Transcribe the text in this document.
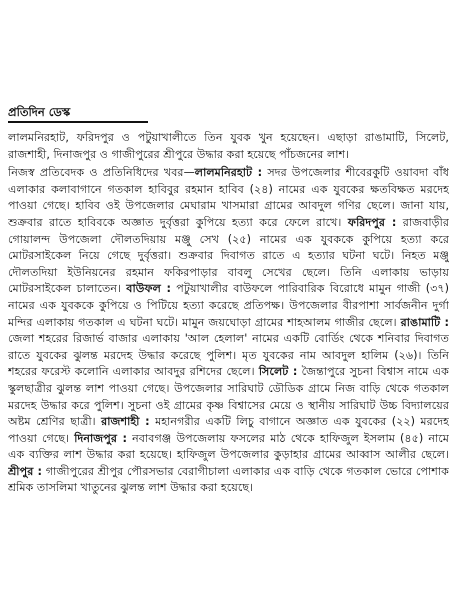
প্রতিদিন ডেস্ক

লালমনিরহাট, ফরিদপুর ও পটুয়াখালীতে তিন যুবক খুন হয়েছেন। এছাড়া রাঙামাটি, সিলেট, রাজশাহী, দিনাজপুর ও গাজীপুরের শ্রীপুরে উদ্ধার করা হয়েছে পাঁচজনের লাশ।

নিজস্ব প্রতিবেদক ও প্রতিনিধিদের খবর—লালমনিরহাট : সদর উপজেলার শীবেরকুটি ওয়াবদা বাঁধ এলাকার কলাবাগানে গতকাল হাবিবুর রহমান হাবিব (২৪) নামের এক যুবকের ক্ষতবিক্ষত মরদেহ পাওয়া গেছে। হাবিব ওই উপজেলার মেঘারাম খাসমারা গ্রামের আবদুল গণির ছেলে। জানা যায়, শুক্রবার রাতে হাবিবকে অজ্ঞাত দুর্বৃত্তরা কুপিয়ে হত্যা করে ফেলে রাখে। ফরিদপুর : রাজবাড়ীর গোয়ালন্দ উপজেলা দৌলতদিয়ায় মঞ্জু সেখ (২৫) নামের এক যুবককে কুপিয়ে হত্যা করে মোটরসাইকেল নিয়ে গেছে দুর্বৃত্তরা। শুক্রবার দিবাগত রাতে এ হত্যার ঘটনা ঘটে। নিহত মঞ্জু দৌলতদিয়া ইউনিয়নের রহমান ফকিরপাড়ার বাবলু সেখের ছেলে। তিনি এলাকায় ভাড়ায় মোটরসাইকেল চালাতেন। বাউফল : পটুয়াখালীর বাউফলে পারিবারিক বিরোধে মামুন গাজী (৩৭) নামের এক যুবককে কুপিয়ে ও পিটিয়ে হত্যা করেছে প্রতিপক্ষ। উপজেলার বীরপাশা সার্বজনীন দুর্গা মন্দির এলাকায় গতকাল এ ঘটনা ঘটে। মামুন জয়ঘোড়া গ্রামের শাহআলম গাজীর ছেলে। রাঙামাটি : জেলা শহরের রিজার্ভ বাজার এলাকায় 'আল হেলাল' নামের একটি বোর্ডিং থেকে শনিবার দিবাগত রাতে যুবকের ঝুলন্ত মরদেহ উদ্ধার করেছে পুলিশ। মৃত যুবকের নাম আবদুল হালিম (২৬)। তিনি শহরের ফরেস্ট কলোনি এলাকার আবদুর রশিদের ছেলে। সিলেট : জৈন্তাপুরে সুচনা বিশ্বাস নামে এক স্কুলছাত্রীর ঝুলন্ত লাশ পাওয়া গেছে। উপজেলার সারিঘাট ডৌডিক গ্রামে নিজ বাড়ি থেকে গতকাল মরদেহ উদ্ধার করে পুলিশ। সুচনা ওই গ্রামের কৃষ্ণ বিশ্বাসের মেয়ে ও স্থানীয় সারিঘাট উচ্চ বিদ্যালয়ের অষ্টম শ্রেণির ছাত্রী। রাজশাহী : মহানগরীর একটি লিচু বাগানে অজ্ঞাত এক যুবকের (২২) মরদেহ পাওয়া গেছে। দিনাজপুর : নবাবগঞ্জ উপজেলায় ফসলের মাঠ থেকে হাফিজুল ইসলাম (৪৫) নামে এক ব্যক্তির লাশ উদ্ধার করা হয়েছে। হাফিজুল উপজেলার কুড়াহার গ্রামের আব্বাস আলীর ছেলে। শ্রীপুর : গাজীপুরের শ্রীপুর পৌরসভার বেরাগীচালা এলাকার এক বাড়ি থেকে গতকাল ভোরে পোশাক শ্রমিক তাসলিমা খাতুনের ঝুলন্ত লাশ উদ্ধার করা হয়েছে।
